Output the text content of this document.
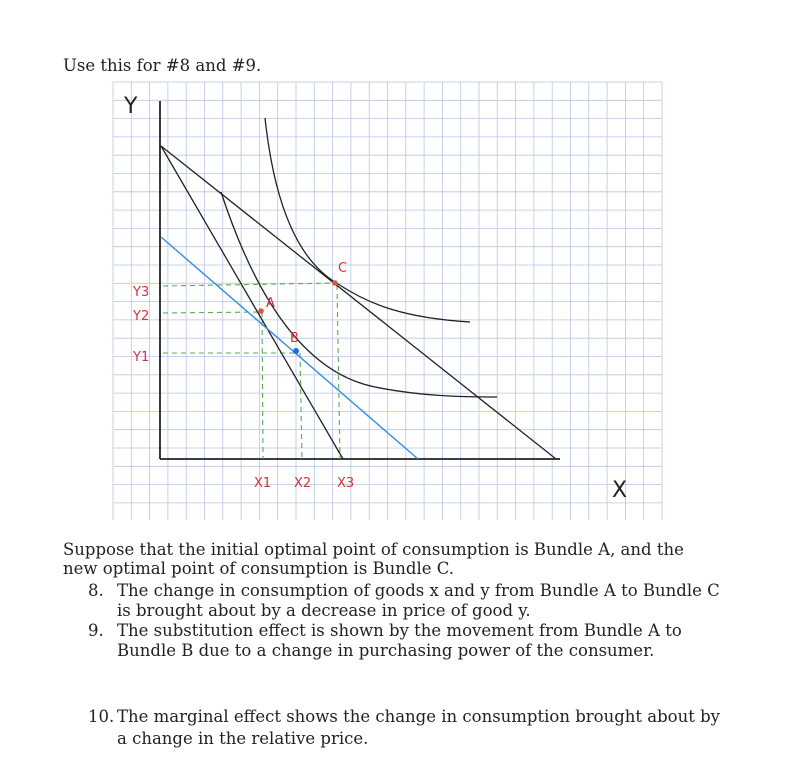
Use this for #8 and #9.

A
B
C
Y3
Y2
Y1
X1 X2 X3
Y
X

Suppose that the initial optimal point of consumption is Bundle A, and the new optimal point of consumption is Bundle C.

8. The change in consumption of goods x and y from Bundle A to Bundle C is brought about by a decrease in price of good y.
9. The substitution effect is shown by the movement from Bundle A to Bundle B due to a change in purchasing power of the consumer.
10. The marginal effect shows the change in consumption brought about by a change in the relative price.
